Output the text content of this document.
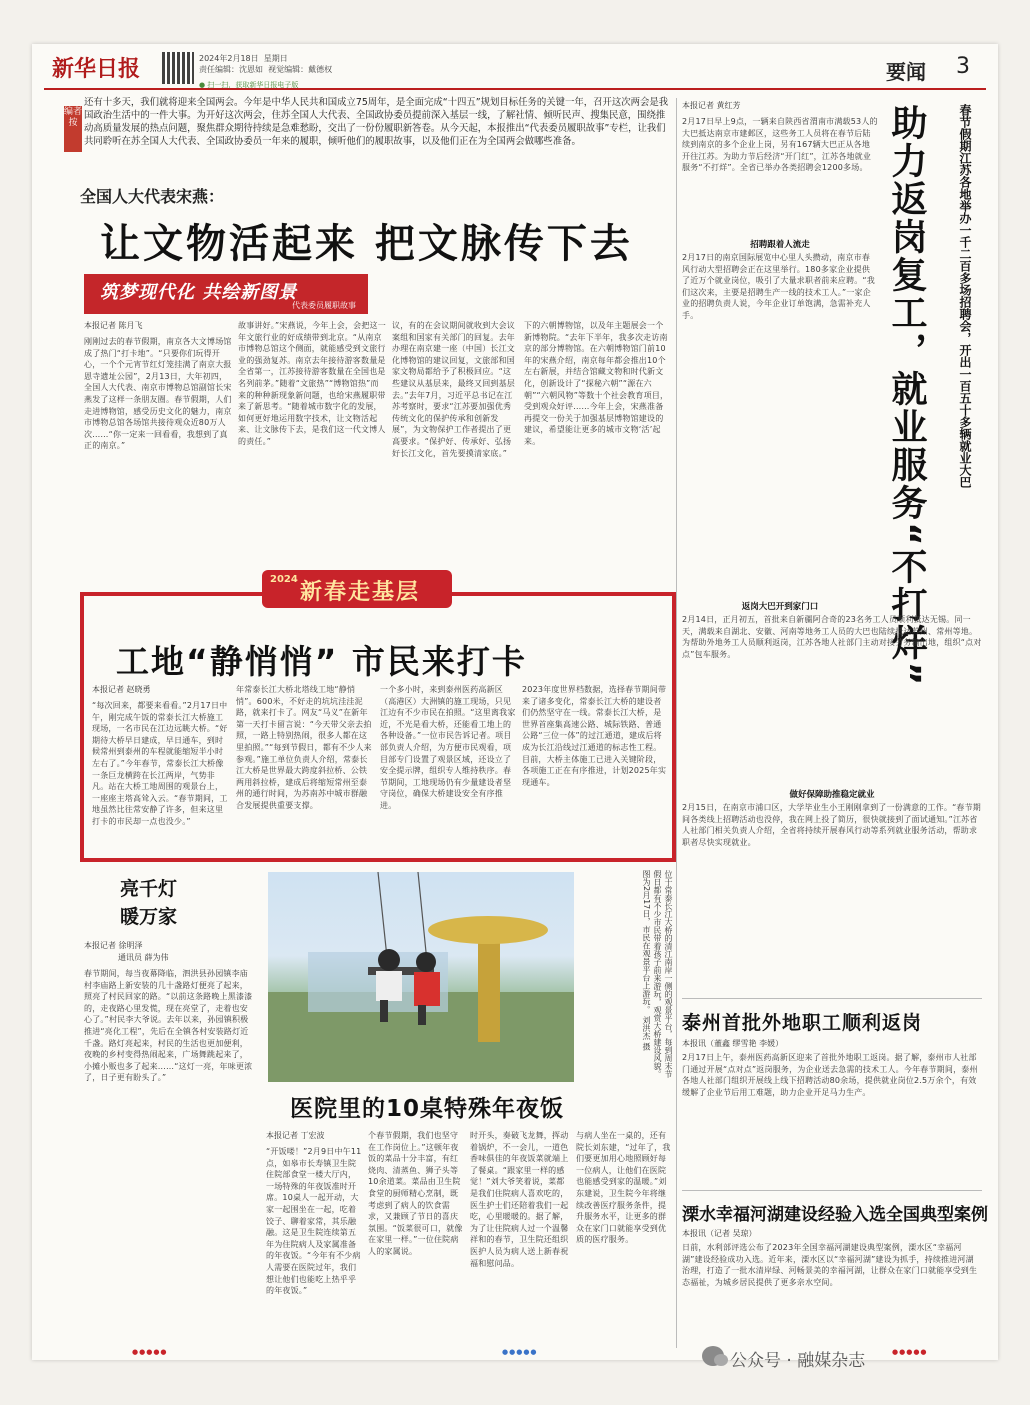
新华日报	2024年2月18日  星期日
责任编辑：沈恩如  视觉编辑：戴德权
● 扫一扫，获取新华日报电子版
要闻 3
编者按
还有十多天，我们就将迎来全国两会。今年是中华人民共和国成立75周年，是全面完成“十四五”规划目标任务的关键一年，召开这次两会是我国政治生活中的一件大事。为开好这次两会，住苏全国人大代表、全国政协委员提前深入基层一线，了解社情、倾听民声、搜集民意，围绕推动高质量发展的热点问题，聚焦群众期待持续是急难愁盼，交出了一份份履职新答卷。从今天起，本报推出“代表委员履职故事”专栏，让我们共同聆听在苏全国人大代表、全国政协委员一年来的履职，倾听他们的履职故事，以及他们正在为全国两会做哪些准备。
全国人大代表宋燕：
让文物活起来 把文脉传下去
筑梦现代化 共绘新图景
代表委员履职故事
本报记者 陈月飞
刚刚过去的春节假期，南京各大文博场馆成了热门“打卡地”。“只要你们玩得开心，一个个元宵节红灯笼挂满了南京大报恩寺遗址公园”，2月13日，大年初四，全国人大代表、南京市博物总馆副馆长宋燕发了这样一条朋友圈。春节假期，人们走进博物馆，感受历史文化的魅力，南京市博物总馆各场馆共接待观众近80万人次……“你一定来一回看看，我想到了真正的南京。”
故事讲好。”宋燕说，今年上会，会把这一年文旅行业的好成绩带到北京。“从南京市博物总馆这个侧面，就能感受到文旅行业的强劲复苏。南京去年接待游客数量是全省第一，江苏接待游客数量在全国也是名列前茅。”随着“文旅热”“博物馆热”而来的种种新现象新问题，也给宋燕履职带来了新思考。“随着城市数字化的发展，如何更好地运用数字技术，让文物活起来、让文脉传下去，是我们这一代文博人的责任。”
议，有的在会议期间就收到大会议案组和国家有关部门的回复。去年办理在南京建一座（中国）长江文化博物馆的建议回复，文旅部和国家文物局都给予了积极回应。“这些建议从基层来，最终又回到基层去。”去年7月，习近平总书记在江苏考察时，要求“江苏要加强优秀传统文化的保护传承和创新发展”，为文物保护工作者提出了更高要求。“保护好、传承好、弘扬好长江文化，首先要摸清家底。”
下的六朝博物馆，以及年主题展会一个新博物院。“去年下半年，我多次走访南京的部分博物馆。在六朝博物馆门前10年的宋燕介绍，南京每年都会推出10个左右新展，并结合馆藏文物和时代新文化，创新设计了“探秘六朝”“源在六朝”“六朝风物”等数十个社会教育项目，受到观众好评……今年上会，宋燕准备再提交一份关于加强基层博物馆建设的建议，希望能让更多的城市文物‘活’起来。
2024
新春走基层
工地“静悄悄” 市民来打卡
本报记者 赵晓勇
“每次回来，都要来看看。”2月17日中午，刚完成午饭的常泰长江大桥施工现场，一名市民在江边远眺大桥。“好期待大桥早日建成，早日通车，到时候常州到泰州的车程就能缩短半小时左右了。”今年春节，常泰长江大桥像一条巨龙横跨在长江两岸，气势非凡。站在大桥工地周围的观景台上，一座座主塔高耸入云。“春节期间，工地虽然比往常安静了许多，但来这里打卡的市民却一点也没少。”
年常泰长江大桥北塔线工地“静悄悄”。600米，不好走的坑坑洼洼泥路，就来打卡了。网友“马义”在新年第一天打卡留言说：“今天带父亲去拍照，一路上特别热闹，很多人都在这里拍照。”“每到节假日，都有不少人来参观。”施工单位负责人介绍，常泰长江大桥是世界最大跨度斜拉桥、公铁两用斜拉桥，建成后将缩短常州至泰州的通行时间，为苏南苏中城市群融合发展提供重要支撑。
一个多小时，来到泰州医药高新区（高港区）大洲镇的施工现场，只见江边有不少市民在拍照。“这里离我家近，不光是看大桥，还能看工地上的各种设备。”一位市民告诉记者。项目部负责人介绍，为方便市民观看，项目部专门设置了观景区域，还设立了安全提示牌，组织专人维持秩序。春节期间，工地现场仍有少量建设者坚守岗位，确保大桥建设安全有序推进。
2023年度世界档数据，选择春节期间带来了诸多变化，常泰长江大桥的建设者们仍然坚守在一线。常泰长江大桥，是世界首座集高速公路、城际铁路、普通公路“三位一体”的过江通道，建成后将成为长江沿线过江通道的标志性工程。目前，大桥主体施工已进入关键阶段，各项施工正在有序推进，计划2025年实现通车。
亮千灯
暖万家
本报记者 徐明泽
通讯员 薛为伟
春节期间，每当夜幕降临，泗洪县孙园镇李庙村李庙路上新安装的几十盏路灯便亮了起来，照亮了村民回家的路。“以前这条路晚上黑漆漆的，走夜路心里发慌，现在亮堂了，走着也安心了。”村民李大爷说。去年以来，孙园镇积极推进“亮化工程”，先后在全镇各村安装路灯近千盏。路灯亮起来，村民的生活也更加便利，夜晚的乡村变得热闹起来，广场舞跳起来了，小摊小贩也多了起来……“这灯一亮，年味更浓了，日子更有盼头了。”	位于常泰长江大桥的清江南岸一侧的观景平台，每到周末节假日都有不少市民带着孩子前来游玩，观赏大桥建设风貌。图为2月17日，市民在观景平台上游玩。 刘洪杰 摄
医院里的10桌特殊年夜饭
本报记者 丁宏波
“开饭喽！”2月9日中午11点，如皋市长寿镇卫生院住院部食堂一楼大厅内，一场特殊的年夜饭准时开席。10桌人一起开动，大家一起围坐在一起，吃着饺子、聊着家常，其乐融融。这是卫生院连续第五年为住院病人及家属准备的年夜饭。“今年有不少病人需要在医院过年，我们想让他们也能吃上热乎乎的年夜饭。”
个春节假期，我们也坚守在工作岗位上。”这顿年夜饭的菜品十分丰富，有红烧肉、清蒸鱼、狮子头等10余道菜。菜品由卫生院食堂的厨师精心烹制，既考虑到了病人的饮食需求，又兼顾了节日的喜庆氛围。“饭菜很可口，就像在家里一样。”一位住院病人的家属说。
时开头，奏破飞龙舞，挥动着锅炉，不一会儿，一道色香味俱佳的年夜饭菜就端上了餐桌。“跟家里一样的感觉！”刘大爷笑着说，菜都是我们住院病人喜欢吃的，医生护士们还陪着我们一起吃，心里暖暖的。据了解，为了让住院病人过一个温馨祥和的春节，卫生院还组织医护人员为病人送上新春祝福和慰问品。
与病人坐在一桌的，还有院长刘东建，“过年了，我们要更加用心地照顾好每一位病人，让他们在医院也能感受到家的温暖。”刘东建说，卫生院今年将继续改善医疗服务条件，提升服务水平，让更多的群众在家门口就能享受到优质的医疗服务。
春节假期江苏各地举办一千二百多场招聘会，开出一百五十多辆就业大巴
助力返岗复工，就业服务“不打烊”
本报记者 黄红芳
2月17日早上9点，一辆来自陕西省渭南市满载53人的大巴抵达南京市建邺区，这些务工人员将在春节后陆续到南京的多个企业上岗，另有167辆大巴正从各地开往江苏。为助力节后经济“开门红”，江苏各地就业服务“不打烊”。全省已举办各类招聘会1200多场。
招聘跟着人流走
2月17日的南京国际展览中心里人头攒动，南京市春风行动大型招聘会正在这里举行。180多家企业提供了近万个就业岗位，吸引了大量求职者前来应聘。“我们这次来，主要是招聘生产一线的技术工人。”一家企业的招聘负责人说，今年企业订单饱满，急需补充人手。
返岗大巴开到家门口
2月14日，正月初五，首批来自新疆阿合奇的23名务工人员顺利抵达无锡。同一天，满载来自湖北、安徽、河南等地务工人员的大巴也陆续抵达苏州、常州等地。为帮助外地务工人员顺利返岗，江苏各地人社部门主动对接劳务输出地，组织“点对点”包车服务。
做好保障助推稳定就业
2月15日，在南京市浦口区，大学毕业生小王刚刚拿到了一份满意的工作。“春节期间各类线上招聘活动也没停，我在网上投了简历，很快就接到了面试通知。”江苏省人社部门相关负责人介绍，全省将持续开展春风行动等系列就业服务活动，帮助求职者尽快实现就业。
泰州首批外地职工顺利返岗
本报讯（董鑫 缪雪艳 李媛）
2月17日上午，泰州医药高新区迎来了首批外地职工返岗。据了解，泰州市人社部门通过开展“点对点”返岗服务，为企业送去急需的技术工人。今年春节期间，泰州各地人社部门组织开展线上线下招聘活动80余场，提供就业岗位2.5万余个，有效缓解了企业节后用工难题，助力企业开足马力生产。
溧水幸福河湖建设经验入选全国典型案例
本报讯（记者 吴琼）
日前，水利部评选公布了2023年全国幸福河湖建设典型案例，溧水区“幸福河湖”建设经验成功入选。近年来，溧水区以“幸福河湖”建设为抓手，持续推进河湖治理，打造了一批水清岸绿、河畅景美的幸福河湖，让群众在家门口就能享受到生态福祉，为城乡居民提供了更多亲水空间。
●●●●●	●●●●●	●●●●●
公众号 · 融媒杂志
